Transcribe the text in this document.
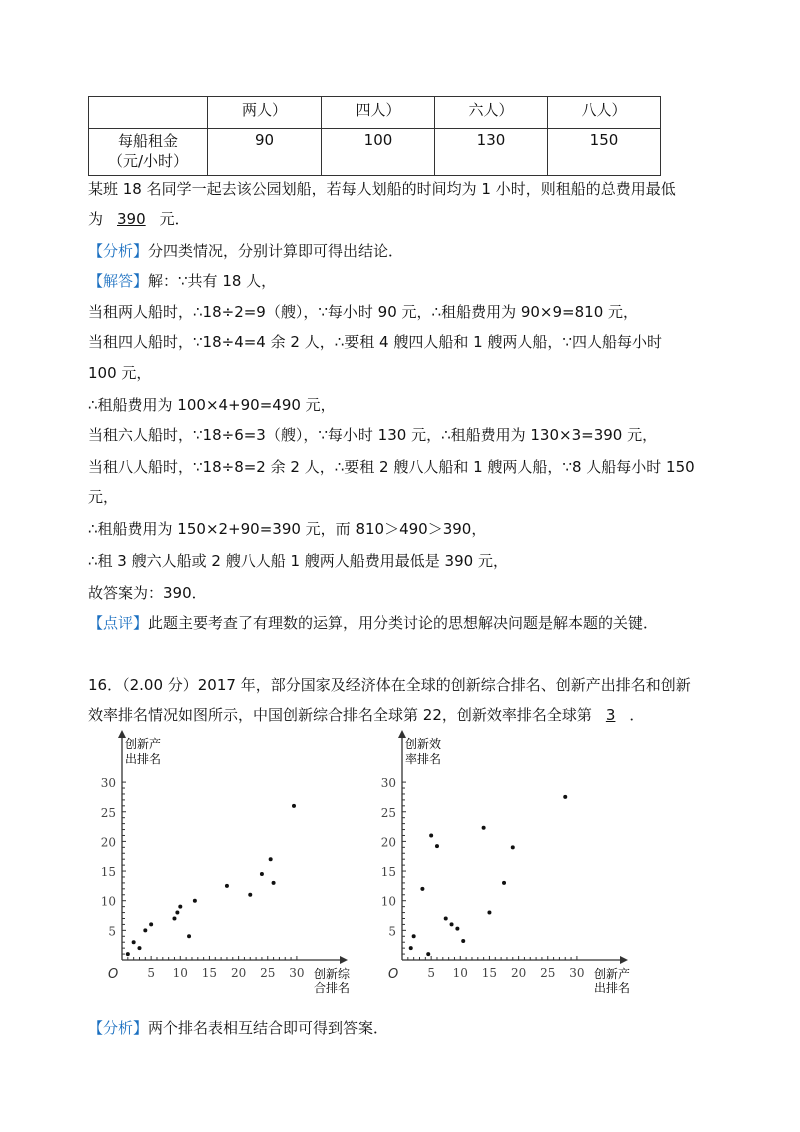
	两人）	四人）	六人）	八人）
每船租金
（元/小时）	90	100	130	150
某班 18 名同学一起去该公园划船，若每人划船的时间均为 1 小时，则租船的总费用最低
为 390 元．
【分析】分四类情况，分别计算即可得出结论．
【解答】解：∵共有 18 人，
当租两人船时，∴18÷2=9（艘），∵每小时 90 元，∴租船费用为 90×9=810 元，
当租四人船时，∵18÷4=4 余 2 人，∴要租 4 艘四人船和 1 艘两人船，∵四人船每小时
100 元，
∴租船费用为 100×4+90=490 元，
当租六人船时，∵18÷6=3（艘），∵每小时 130 元，∴租船费用为 130×3=390 元，
当租八人船时，∵18÷8=2 余 2 人，∴要租 2 艘八人船和 1 艘两人船，∵8 人船每小时 150
元，
∴租船费用为 150×2+90=390 元，而 810＞490＞390，
∴租 3 艘六人船或 2 艘八人船 1 艘两人船费用最低是 390 元，
故答案为：390．
【点评】此题主要考查了有理数的运算，用分类讨论的思想解决问题是解本题的关键．
16．（2.00 分）2017 年，部分国家及经济体在全球的创新综合排名、创新产出排名和创新
效率排名情况如图所示，中国创新综合排名全球第 22，创新效率排名全球第 3 ．
5 10 15 20 25 30
5
10
15
20
25
30
O
创新产
出排名
创新综
合排名
5 10 15 20 25 30
5
10
15
20
25
30
O
创新效
率排名
创新产
出排名
【分析】两个排名表相互结合即可得到答案．
